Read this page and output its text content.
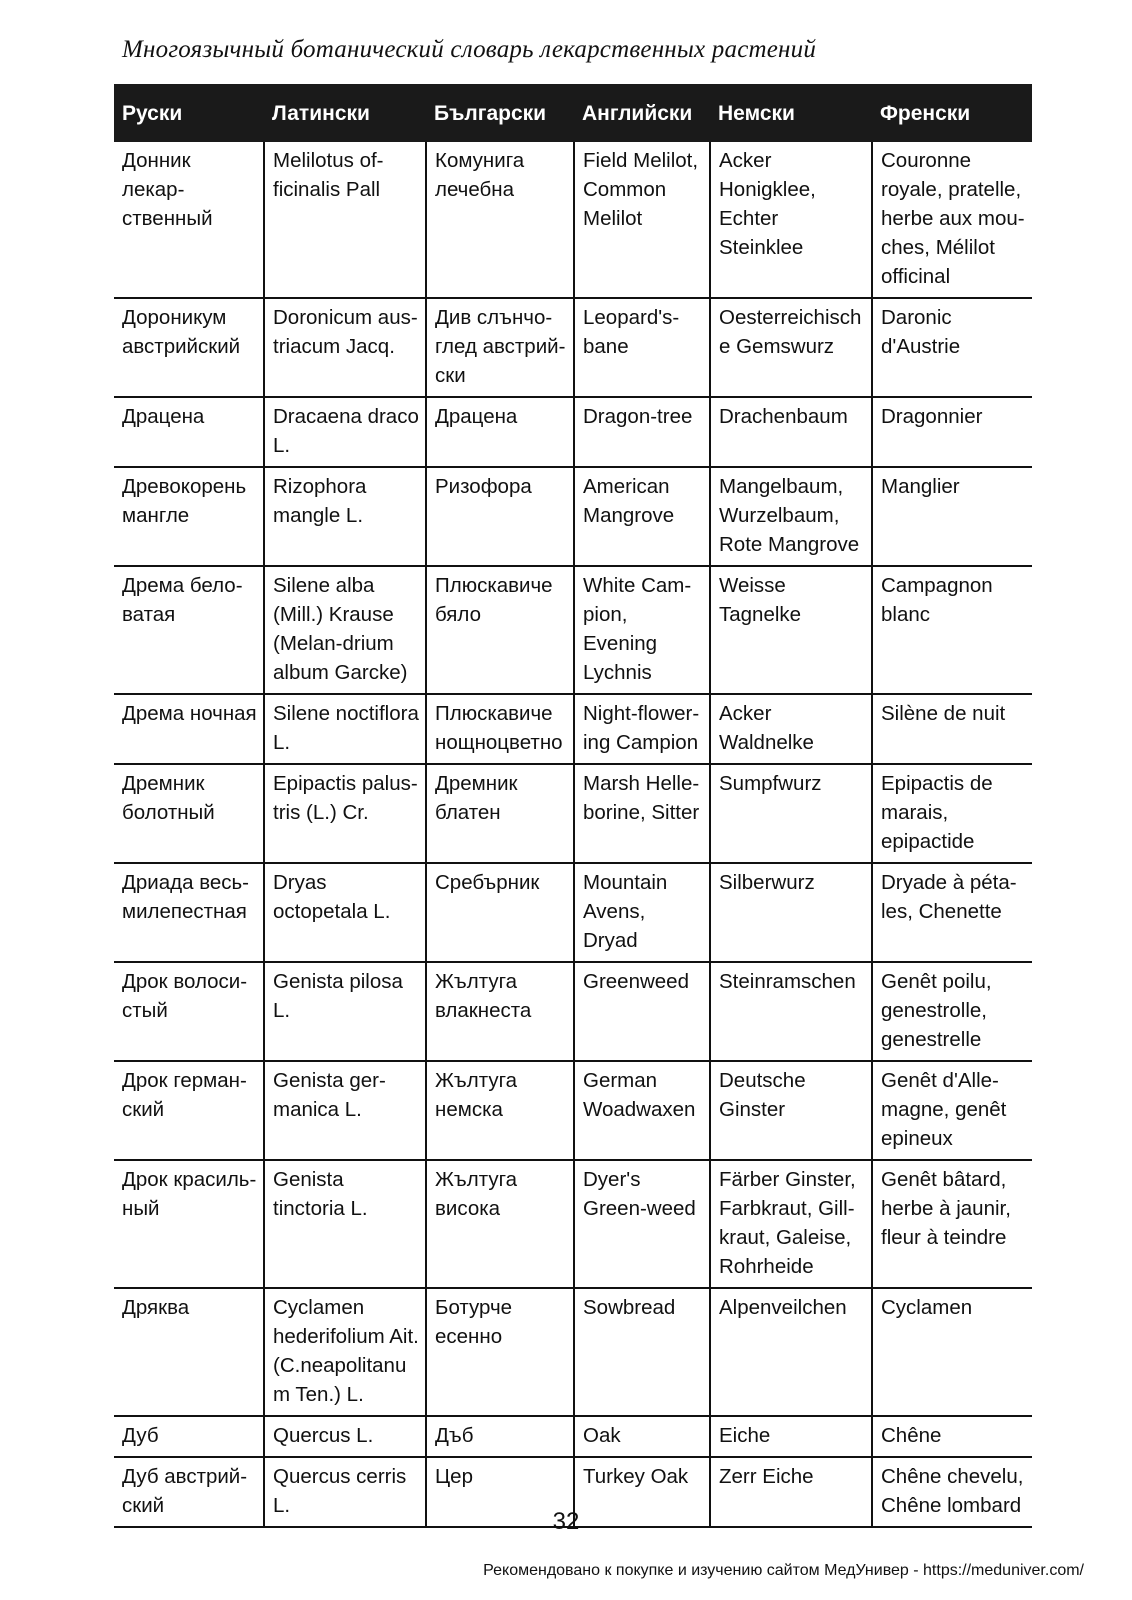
Многоязычный ботанический словарь лекарственных растений
Руски	Латински	Български	Английски	Немски	Френски
Донник лекар-ственный	Melilotus of-ficinalis Pall	Комунига лечебна	Field Melilot, Common Melilot	Acker Honigklee, Echter Steinklee	Couronne royale, pratelle, herbe aux mou-ches, Mélilot officinal
Дороникум австрийский	Doronicum aus-triacum Jacq.	Див слънчо-глед австрий-ски	Leopard's-bane	Oesterreichische Gemswurz	Daronic d'Austrie
Драцена	Dracaena draco L.	Драцена	Dragon-tree	Drachenbaum	Dragonnier
Древокорень мангле	Rizophora mangle L.	Ризофора	American Mangrove	Mangelbaum, Wurzelbaum, Rote Mangrove	Manglier
Дрема бело-ватая	Silene alba (Mill.) Krause (Melan-drium album Garcke)	Плюскавиче бяло	White Cam-pion, Evening Lychnis	Weisse Tagnelke	Campagnon blanc
Дрема ночная	Silene noctiflora L.	Плюскавиче нощноцветно	Night-flower-ing Campion	Acker Waldnelke	Silène de nuit
Дремник болотный	Epipactis palus-tris (L.) Cr.	Дремник блатен	Marsh Helle-borine, Sitter	Sumpfwurz	Epipactis de marais, epipactide
Дриада весь-милепестная	Dryas octopetala L.	Сребърник	Mountain Avens, Dryad	Silberwurz	Dryade à péta-les, Chenette
Дрок волоси-стый	Genista pilosa L.	Жълтуга влакнеста	Greenweed	Steinramschen	Genêt poilu, genestrolle, genestrelle
Дрок герман-ский	Genista ger-manica L.	Жълтуга немска	German Woadwaxen	Deutsche Ginster	Genêt d'Alle-magne, genêt epineux
Дрок красиль-ный	Genista tinctoria L.	Жълтуга висока	Dyer's Green-weed	Färber Ginster, Farbkraut, Gill-kraut, Galeise, Rohrheide	Genêt bâtard, herbe à jaunir, fleur à teindre
Дряква	Cyclamen hederifolium Ait. (C.neapolitanum Ten.) L.	Ботурче есенно	Sowbread	Alpenveilchen	Cyclamen
Дуб	Quercus L.	Дъб	Oak	Eiche	Chêne
Дуб австрий-ский	Quercus cerris L.	Цер	Turkey Oak	Zerr Eiche	Chêne chevelu, Chêne lombard
32
Рекомендовано к покупке и изучению сайтом МедУнивер - https://meduniver.com/
